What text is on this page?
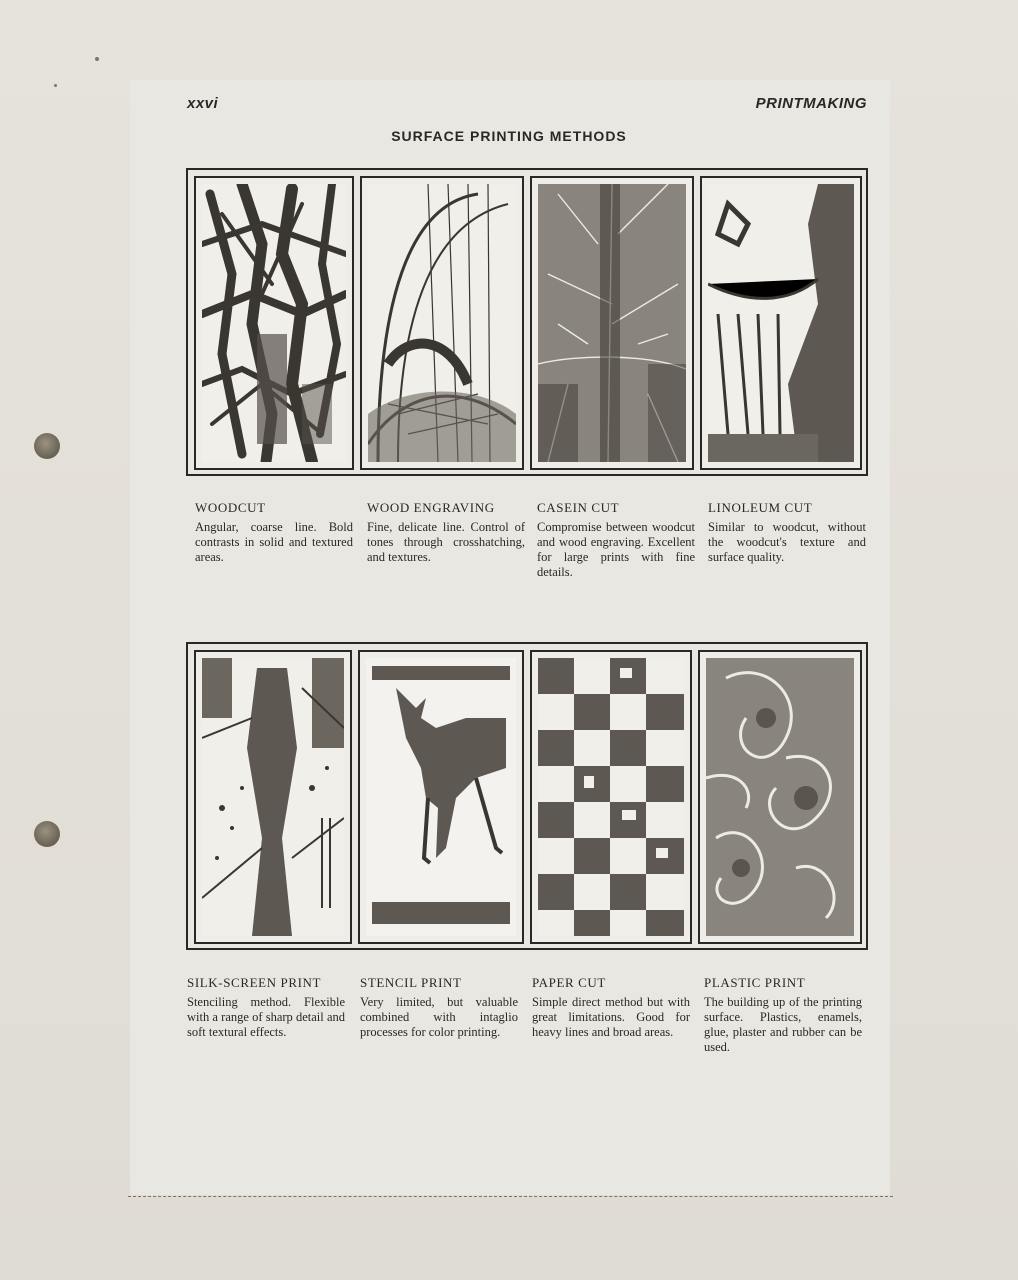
xxvi	PRINTMAKING
SURFACE PRINTING METHODS

WOODCUT

Angular, coarse line. Bold contrasts in solid and textured areas.

WOOD ENGRAVING

Fine, delicate line. Control of tones through crosshatching, and textures.

CASEIN CUT

Compromise between woodcut and wood engraving. Excellent for large prints with fine details.

LINOLEUM CUT

Similar to woodcut, without the woodcut's texture and surface quality.

SILK-SCREEN PRINT

Stenciling method. Flexible with a range of sharp detail and soft textural effects.

STENCIL PRINT

Very limited, but valuable combined with intaglio processes for color printing.

PAPER CUT

Simple direct method but with great limitations. Good for heavy lines and broad areas.

PLASTIC PRINT

The building up of the printing surface. Plastics, enamels, glue, plaster and rubber can be used.
